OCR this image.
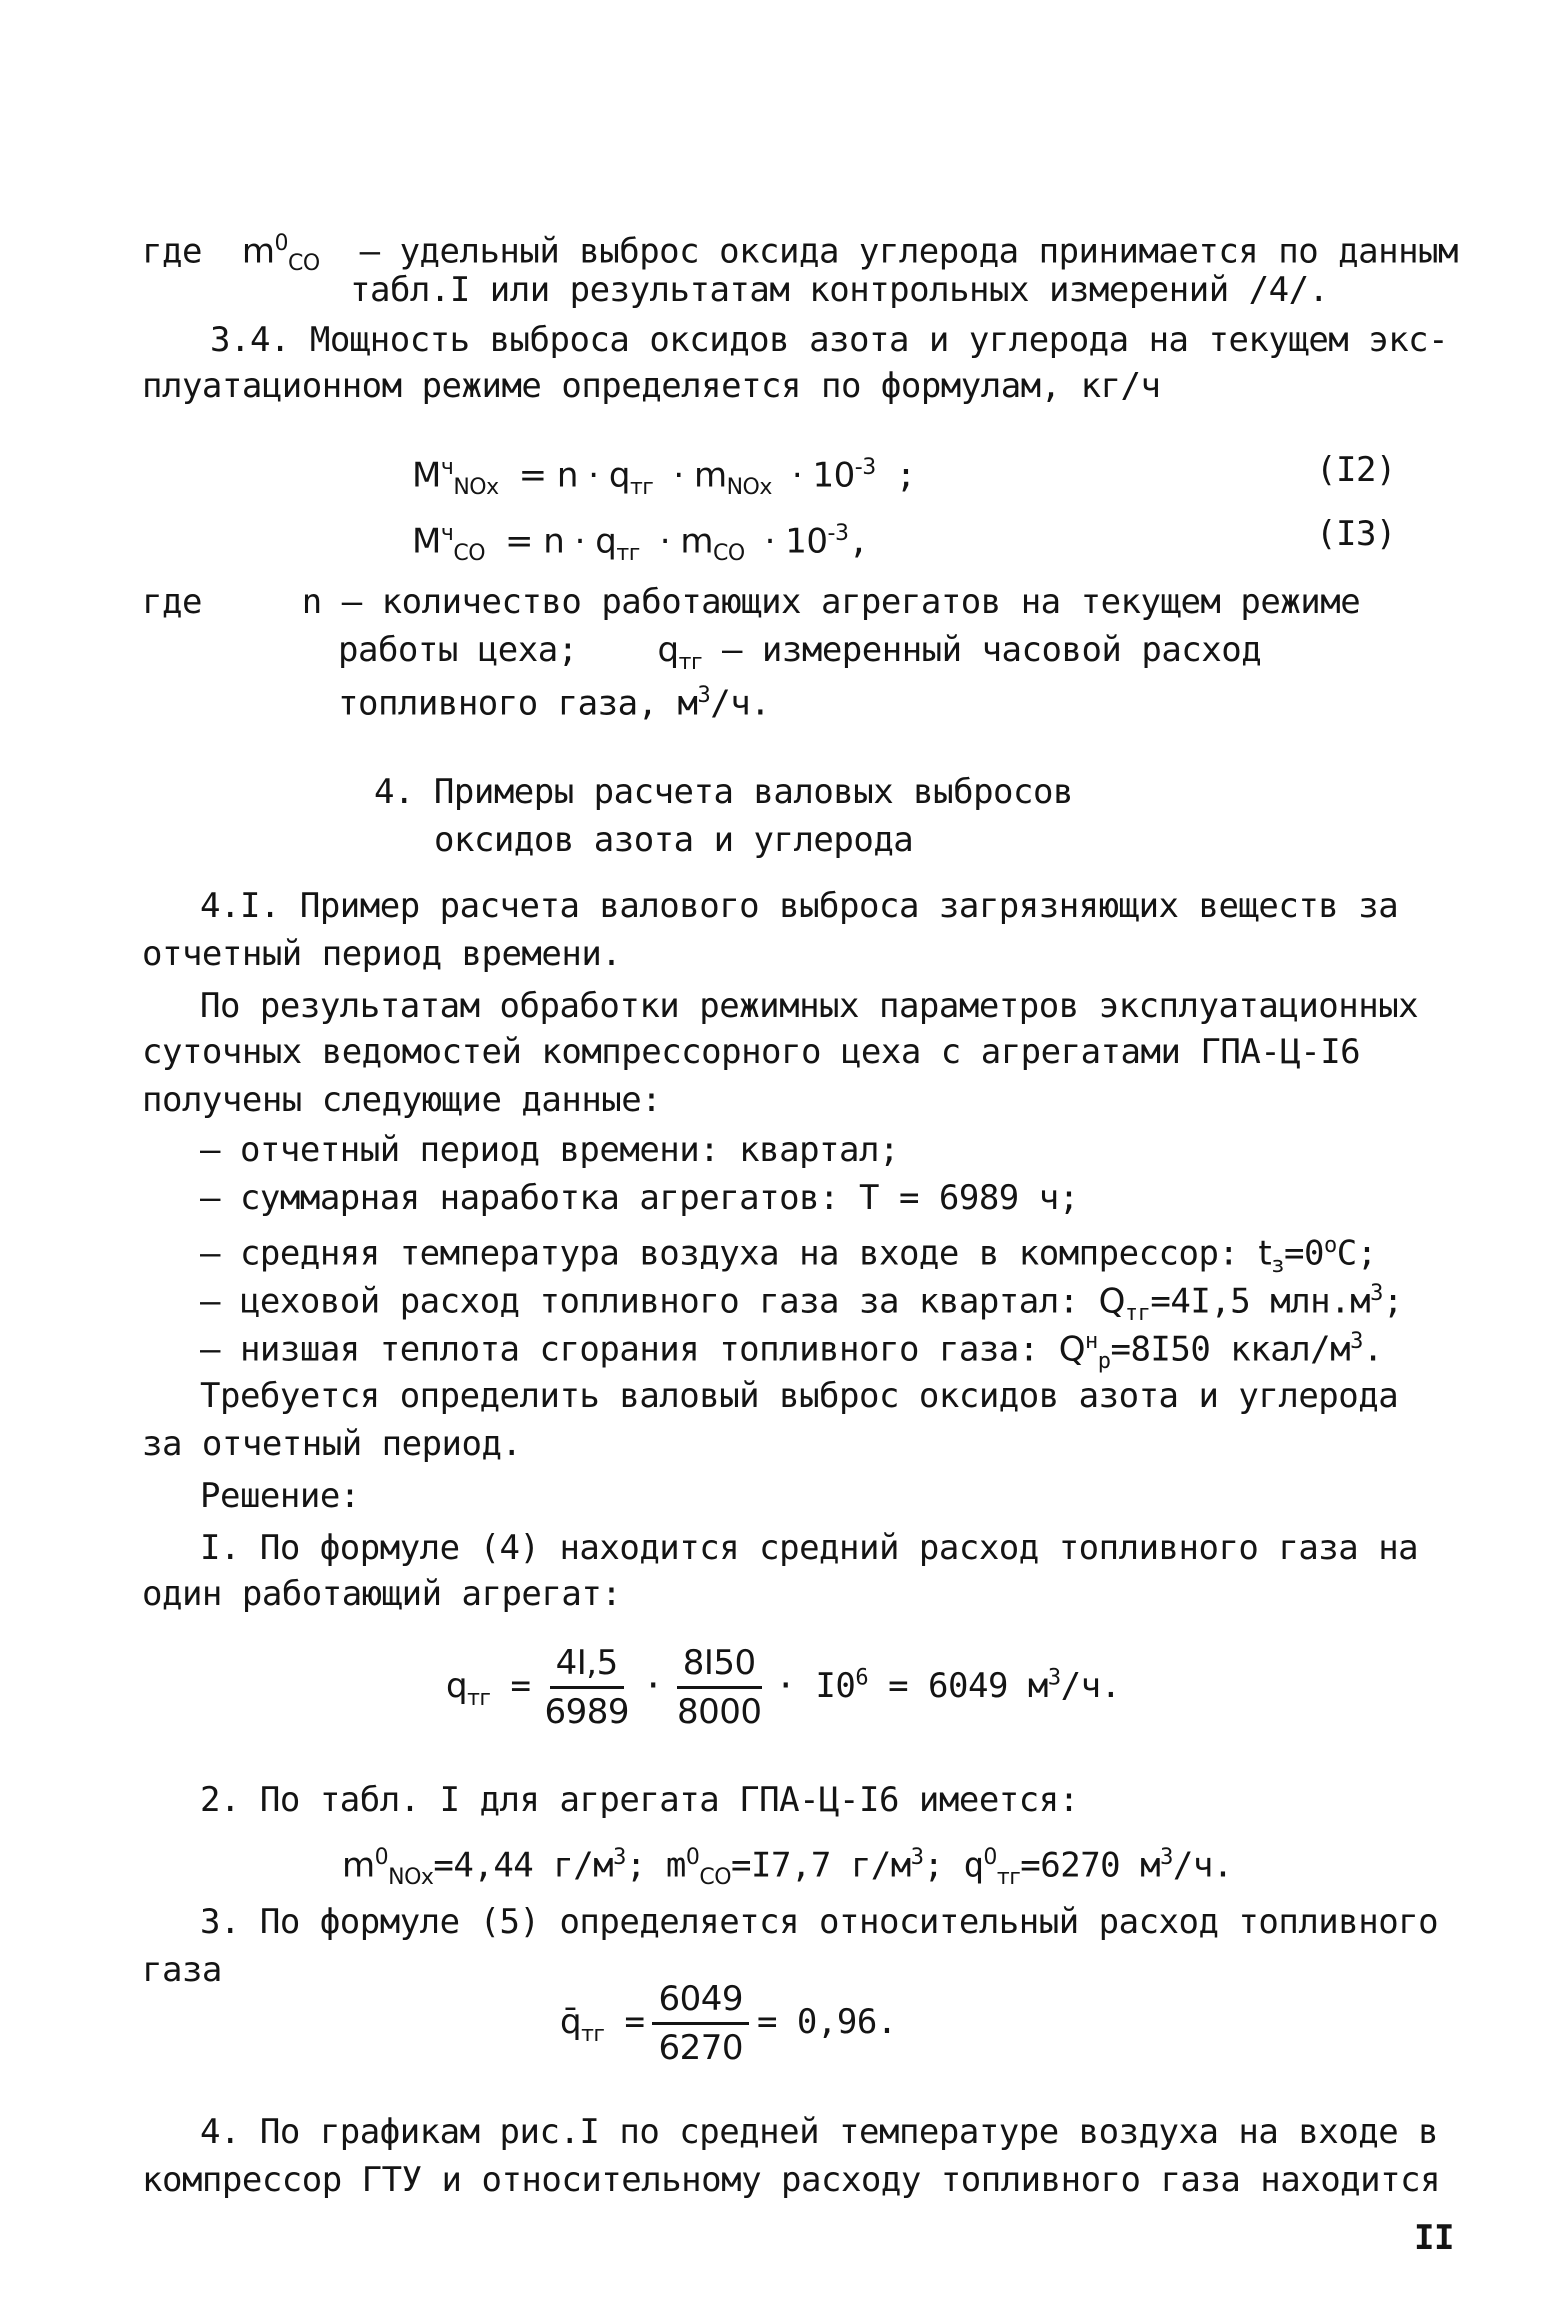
где $m^0_{CO}$ – удельный выброс оксида углерода принимается по данным
табл.I или результатам контрольных измерений /4/.
3.4. Мощность выброса оксидов азота и углерода на текущем экс-
плуатационном режиме определяется по формулам, кг/ч
$M^ч_{NOx} = n \cdot q_{тг} \cdot m_{NOx} \cdot 10^{-3}$ ;	(I2)
$M^ч_{CO} = n \cdot q_{тг} \cdot m_{CO} \cdot 10^{-3}$,	(I3)
где	n – количество работающих агрегатов на текущем режиме
работы цеха; $q_{тг}$ – измеренный часовой расход
топливного газа, $м^3/ч$.
4. Примеры расчета валовых выбросов
оксидов азота и углерода
4.I. Пример расчета валового выброса загрязняющих веществ за
отчетный период времени.
По результатам обработки режимных параметров эксплуатационных
суточных ведомостей компрессорного цеха с агрегатами ГПА-Ц-I6
получены следующие данные:
– отчетный период времени: квартал;
– суммарная наработка агрегатов: T = 6989 ч;
– средняя температура воздуха на входе в компрессор: $t_з=0^oC$;
– цеховой расход топливного газа за квартал: $Q_{тг}=4I,5$ $млн.м^3$;
– низшая теплота сгорания топливного газа: $Q^н_р=8I50$ ккал/$м^3$.
Требуется определить валовый выброс оксидов азота и углерода
за отчетный период.
Решение:
I. По формуле (4) находится средний расход топливного газа на
один работающий агрегат:
$q_{тг} = \frac{4I,5}{6989} \cdot \frac{8I50}{8000} \cdot I0^6 = 6049$ $м^3/ч$.
2. По табл. I для агрегата ГПА-Ц-I6 имеется:
$m^0_{NOx}=4,44$ $г/м^3$; $m^0_{CO}=I7,7$ $г/м^3$; $q^0_{тг}=6270$ $м^3/ч$.
3. По формуле (5) определяется относительный расход топливного
газа
$q̄_{тг} = \frac{6049}{6270} = 0,96$.
4. По графикам рис.I по средней температуре воздуха на входе в
компрессор ГТУ и относительному расходу топливного газа находится
II
